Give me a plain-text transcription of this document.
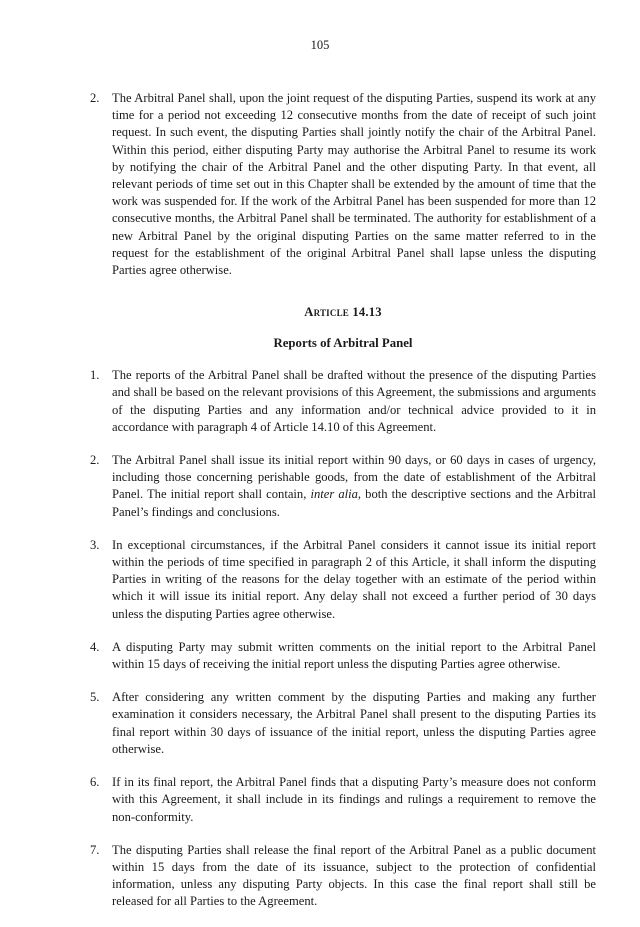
105
2. The Arbitral Panel shall, upon the joint request of the disputing Parties, suspend its work at any time for a period not exceeding 12 consecutive months from the date of receipt of such joint request. In such event, the disputing Parties shall jointly notify the chair of the Arbitral Panel. Within this period, either disputing Party may authorise the Arbitral Panel to resume its work by notifying the chair of the Arbitral Panel and the other disputing Party. In that event, all relevant periods of time set out in this Chapter shall be extended by the amount of time that the work was suspended for. If the work of the Arbitral Panel has been suspended for more than 12 consecutive months, the Arbitral Panel shall be terminated. The authority for establishment of a new Arbitral Panel by the original disputing Parties on the same matter referred to in the request for the establishment of the original Arbitral Panel shall lapse unless the disputing Parties agree otherwise.
Article 14.13
Reports of Arbitral Panel
1. The reports of the Arbitral Panel shall be drafted without the presence of the disputing Parties and shall be based on the relevant provisions of this Agreement, the submissions and arguments of the disputing Parties and any information and/or technical advice provided to it in accordance with paragraph 4 of Article 14.10 of this Agreement.
2. The Arbitral Panel shall issue its initial report within 90 days, or 60 days in cases of urgency, including those concerning perishable goods, from the date of establishment of the Arbitral Panel. The initial report shall contain, inter alia, both the descriptive sections and the Arbitral Panel’s findings and conclusions.
3. In exceptional circumstances, if the Arbitral Panel considers it cannot issue its initial report within the periods of time specified in paragraph 2 of this Article, it shall inform the disputing Parties in writing of the reasons for the delay together with an estimate of the period within which it will issue its initial report. Any delay shall not exceed a further period of 30 days unless the disputing Parties agree otherwise.
4. A disputing Party may submit written comments on the initial report to the Arbitral Panel within 15 days of receiving the initial report unless the disputing Parties agree otherwise.
5. After considering any written comment by the disputing Parties and making any further examination it considers necessary, the Arbitral Panel shall present to the disputing Parties its final report within 30 days of issuance of the initial report, unless the disputing Parties agree otherwise.
6. If in its final report, the Arbitral Panel finds that a disputing Party’s measure does not conform with this Agreement, it shall include in its findings and rulings a requirement to remove the non-conformity.
7. The disputing Parties shall release the final report of the Arbitral Panel as a public document within 15 days from the date of its issuance, subject to the protection of confidential information, unless any disputing Party objects. In this case the final report shall still be released for all Parties to the Agreement.
